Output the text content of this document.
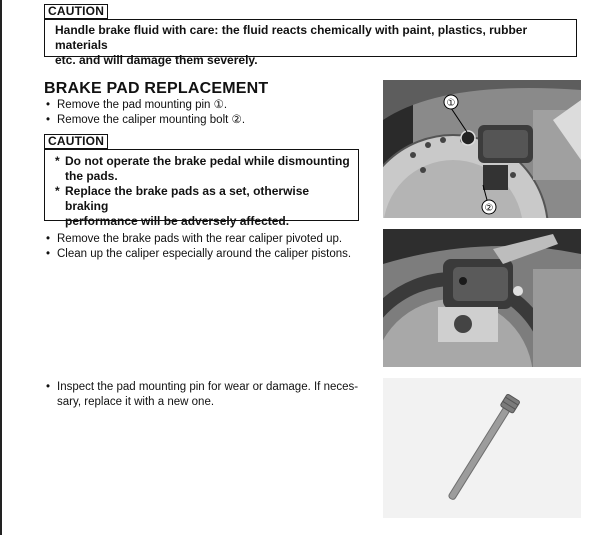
CAUTION
Handle brake fluid with care: the fluid reacts chemically with paint, plastics, rubber materials
etc. and will damage them severely.
BRAKE PAD REPLACEMENT
• Remove the pad mounting pin ①.
• Remove the caliper mounting bolt ②.
CAUTION
* Do not operate the brake pedal while dismounting
the pads.
* Replace the brake pads as a set, otherwise braking
performance will be adversely affected.
• Remove the brake pads with the rear caliper pivoted up.
• Clean up the caliper especially around the caliper pistons.
• Inspect the pad mounting pin for wear or damage. If neces-
sary, replace it with a new one.
①
②
